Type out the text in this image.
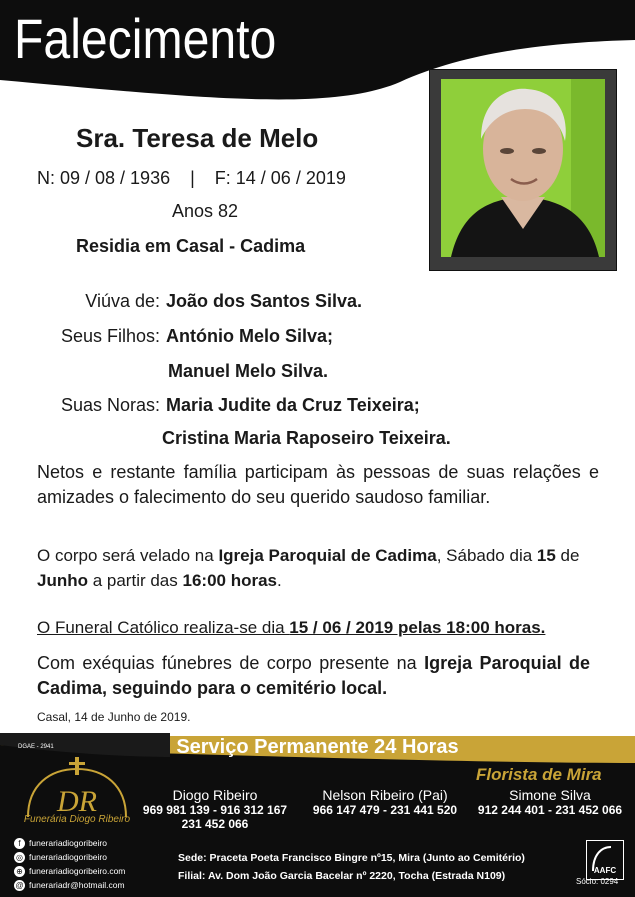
Falecimento
Sra. Teresa de Melo
N: 09 / 08 / 1936    |    F: 14 / 06 / 2019
Anos 82
Residia em Casal - Cadima
Viúva de: João dos Santos Silva.
Seus Filhos: António Melo Silva;
Manuel Melo Silva.
Suas Noras: Maria Judite da Cruz Teixeira;
Cristina Maria Raposeiro Teixeira.
Netos e restante família participam às pessoas de suas relações e amizades o falecimento do seu querido saudoso familiar.
O corpo será velado na Igreja Paroquial de Cadima, Sábado dia 15 de Junho a partir das 16:00 horas.
O Funeral Católico realiza-se dia 15 / 06 / 2019 pelas 18:00 horas.
Com exéquias fúnebres de corpo presente na Igreja Paroquial de Cadima, seguindo para o cemitério local.
Casal, 14 de Junho de 2019.
Serviço Permanente 24 Horas
DGAE - 2941
DR
Funerária Diogo Ribeiro
f funerariadiogoribeiro
◎ funerariadiogoribeiro
⊕ funerariadiogoribeiro.com
Florista de Mira
Diogo Ribeiro
969 981 139 - 916 312 167
231 452 066
Nelson Ribeiro (Pai)
966 147 479 - 231 441 520
Simone Silva
912 244 401 - 231 452 066
Sede: Praceta Poeta Francisco Bingre nº15, Mira (Junto ao Cemitério)
Filial: Av. Dom João Garcia Bacelar nº 2220, Tocha (Estrada N109)	AAFC
Sócio: 0294
@ funerariadr@hotmail.com
